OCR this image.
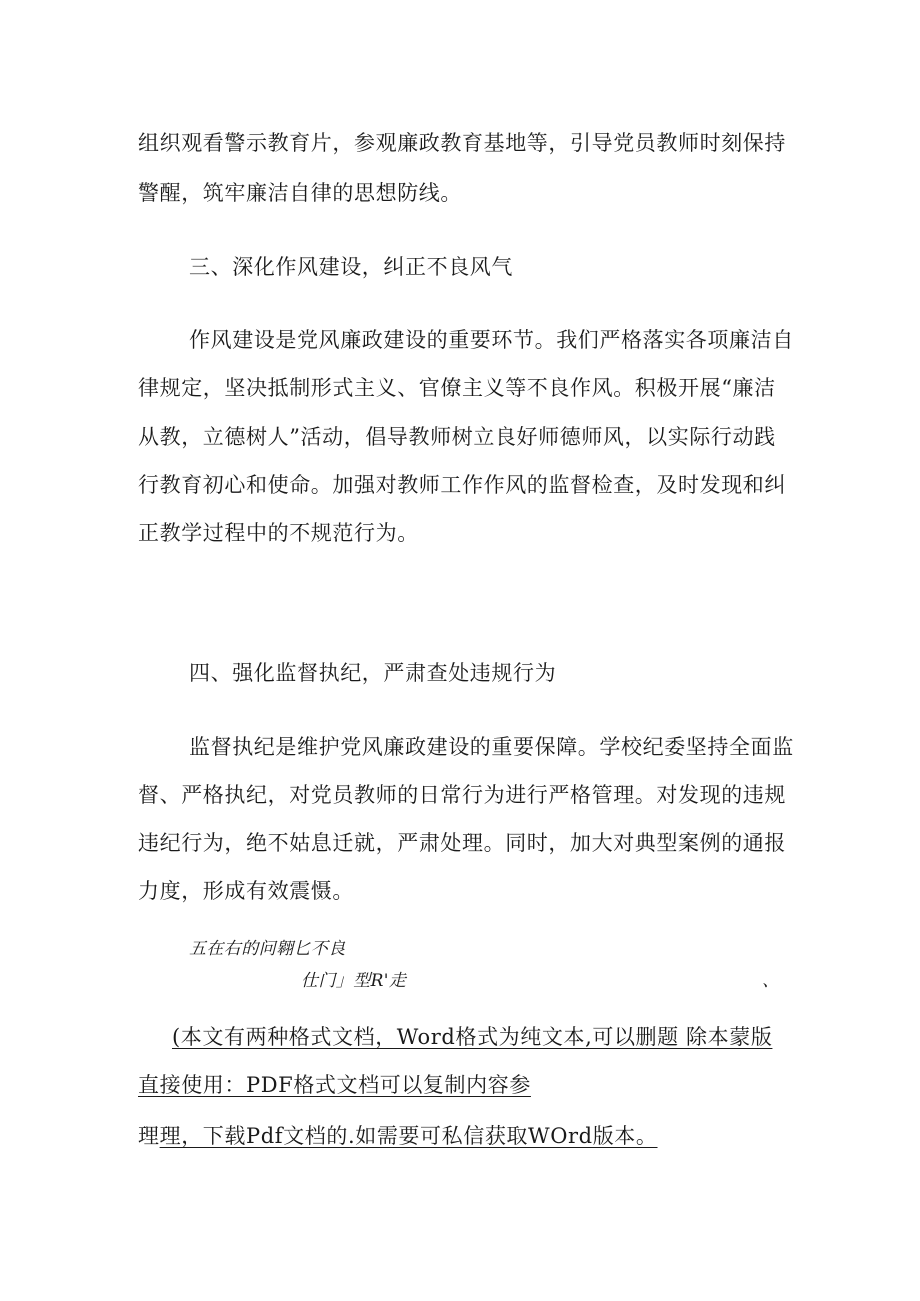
组织观看警示教育片，参观廉政教育基地等，引导党员教师时刻保持
警醒，筑牢廉洁自律的思想防线。
三、深化作风建设，纠正不良风气
作风建设是党风廉政建设的重要环节。我们严格落实各项廉洁自
律规定，坚决抵制形式主义、官僚主义等不良作风。积极开展“廉洁
从教，立德树人”活动，倡导教师树立良好师德师风，以实际行动践
行教育初心和使命。加强对教师工作作风的监督检查，及时发现和纠
正教学过程中的不规范行为。
四、强化监督执纪，严肃查处违规行为
监督执纪是维护党风廉政建设的重要保障。学校纪委坚持全面监
督、严格执纪，对党员教师的日常行为进行严格管理。对发现的违规
违纪行为，绝不姑息迁就，严肃处理。同时，加大对典型案例的通报
力度，形成有效震慑。
五在右的问翱匕不良
仕门」型R'走	、
(本文有两种格式文档，Word格式为纯文本,可以删题 除本蒙版
直接使用：PDF格式文档可以复制内容参
理理，下载Pdf文档的.如需要可私信获取WOrd版本。
